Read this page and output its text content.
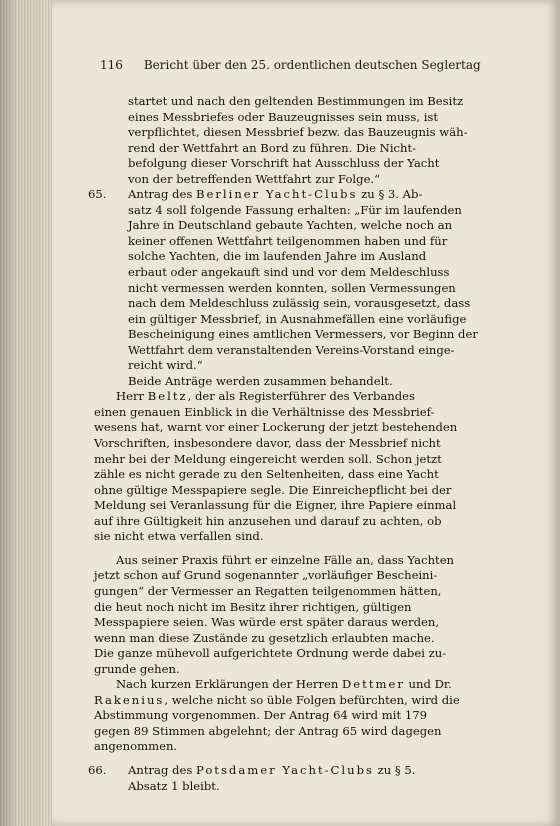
116 Bericht über den 25. ordentlichen deutschen Seglertag
startet und nach den geltenden Bestimmungen im Besitz
eines Messbriefes oder Bauzeugnisses sein muss, ist
verpflichtet, diesen Messbrief bezw. das Bauzeugnis wäh-
rend der Wettfahrt an Bord zu führen. Die Nicht-
befolgung dieser Vorschrift hat Ausschluss der Yacht
von der betreffenden Wettfahrt zur Folge.“
65. Antrag des Berliner Yacht-Clubs zu § 3. Ab-
satz 4 soll folgende Fassung erhalten: „Für im laufenden
Jahre in Deutschland gebaute Yachten, welche noch an
keiner offenen Wettfahrt teilgenommen haben und für
solche Yachten, die im laufenden Jahre im Ausland
erbaut oder angekauft sind und vor dem Meldeschluss
nicht vermessen werden konnten, sollen Vermessungen
nach dem Meldeschluss zulässig sein, vorausgesetzt, dass
ein gültiger Messbrief, in Ausnahmefällen eine vorläufige
Bescheinigung eines amtlichen Vermessers, vor Beginn der
Wettfahrt dem veranstaltenden Vereins-Vorstand einge-
reicht wird.“
Beide Anträge werden zusammen behandelt.
Herr Beltz, der als Registerführer des Verbandes
einen genauen Einblick in die Verhältnisse des Messbrief-
wesens hat, warnt vor einer Lockerung der jetzt bestehenden
Vorschriften, insbesondere davor, dass der Messbrief nicht
mehr bei der Meldung eingereicht werden soll. Schon jetzt
zähle es nicht gerade zu den Seltenheiten, dass eine Yacht
ohne gültige Messpapiere segle. Die Einreichepflicht bei der
Meldung sei Veranlassung für die Eigner, ihre Papiere einmal
auf ihre Gültigkeit hin anzusehen und darauf zu achten, ob
sie nicht etwa verfallen sind.
Aus seiner Praxis führt er einzelne Fälle an, dass Yachten
jetzt schon auf Grund sogenannter „vorläufiger Bescheini-
gungen“ der Vermesser an Regatten teilgenommen hätten,
die heut noch nicht im Besitz ihrer richtigen, gültigen
Messpapiere seien. Was würde erst später daraus werden,
wenn man diese Zustände zu gesetzlich erlaubten mache.
Die ganze mühevoll aufgerichtete Ordnung werde dabei zu-
grunde gehen.
Nach kurzen Erklärungen der Herren Dettmer und Dr.
Rakenius, welche nicht so üble Folgen befürchten, wird die
Abstimmung vorgenommen. Der Antrag 64 wird mit 179
gegen 89 Stimmen abgelehnt; der Antrag 65 wird dagegen
angenommen.
66. Antrag des Potsdamer Yacht-Clubs zu § 5.
Absatz 1 bleibt.
